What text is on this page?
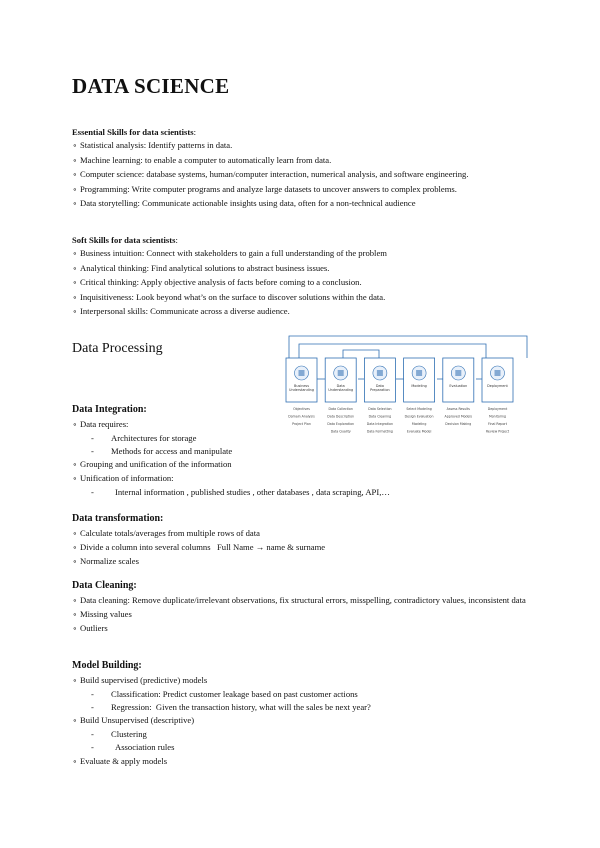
DATA SCIENCE
Essential Skills for data scientists:
⚬ Statistical analysis: Identify patterns in data.
⚬ Machine learning: to enable a computer to automatically learn from data.
⚬ Computer science: database systems, human/computer interaction, numerical analysis, and software engineering.
⚬ Programming: Write computer programs and analyze large datasets to uncover answers to complex problems.
⚬ Data storytelling: Communicate actionable insights using data, often for a non-technical audience
Soft Skills for data scientists:
⚬ Business intuition: Connect with stakeholders to gain a full understanding of the problem
⚬ Analytical thinking: Find analytical solutions to abstract business issues.
⚬ Critical thinking: Apply objective analysis of facts before coming to a conclusion.
⚬ Inquisitiveness: Look beyond what’s on the surface to discover solutions within the data.
⚬ Interpersonal skills: Communicate across a diverse audience.
Data Processing
Business
Understanding
Objectives
Domain Analysis
Project Plan
Data
Understanding
Data Collection
Data Description
Data Exploration
Data Quality
Data
Preparation
Data Selection
Data Cleaning
Data Integration
Data Formatting
Modeling
Select Modeling
Design Evaluation
Modeling
Evaluate Model
Evaluation
Assess Results
Approved Models
Decision Making
Deployment
Deployment
Monitoring
Final Report
Review Project
Data Integration:
⚬ Data requires:
- Architectures for storage
- Methods for access and manipulate
⚬ Grouping and unification of the information
⚬ Unification of information:
- Internal information , published studies , other databases , data scraping, API,…
Data transformation:
⚬ Calculate totals/averages from multiple rows of data
⚬ Divide a column into several columns   Full Name → name & surname
⚬ Normalize scales
Data Cleaning:
⚬ Data cleaning: Remove duplicate/irrelevant observations, fix structural errors, misspelling, contradictory values, inconsistent data
⚬ Missing values
⚬ Outliers
Model Building:
⚬ Build supervised (predictive) models
- Classification: Predict customer leakage based on past customer actions
- Regression:  Given the transaction history, what will the sales be next year?
⚬ Build Unsupervised (descriptive)
- Clustering
- Association rules
⚬ Evaluate & apply models
